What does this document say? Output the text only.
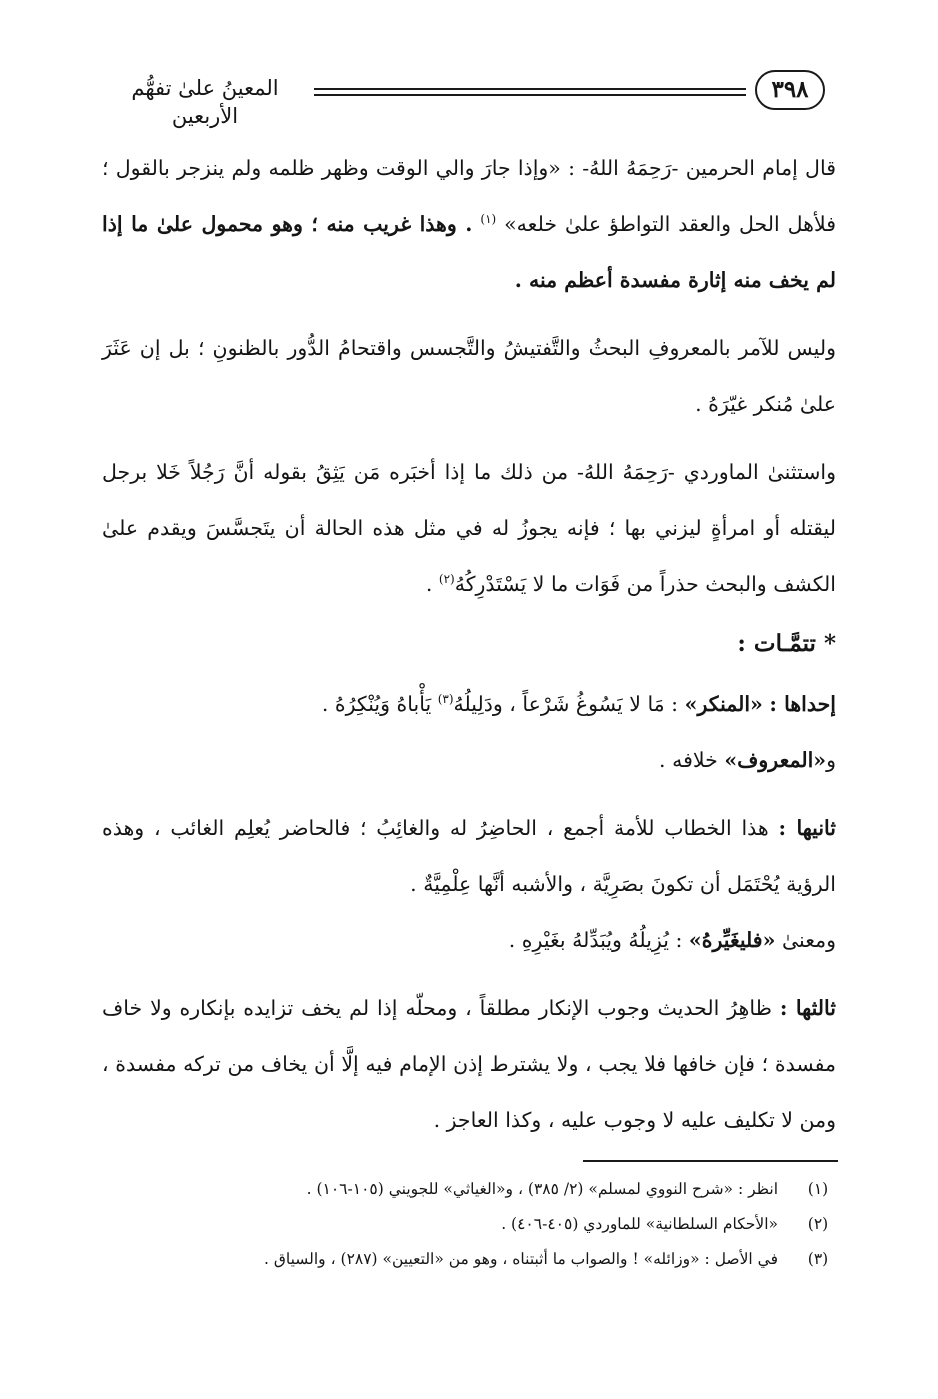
المعينُ علىٰ تفهُّم الأربعين
٣٩٨

قال إمام الحرمين -رَحِمَهُ اللهُ- : «وإذا جارَ والي الوقت وظهر ظلمه ولم ينزجر بالقول ؛ فلأهل الحل والعقد التواطؤ علىٰ خلعه» $^{(١)}$ . وهذا غريب منه ؛ وهو محمول علىٰ ما إذا لم يخف منه إثارة مفسدة أعظم منه .

وليس للآمر بالمعروفِ البحثُ والتَّفتيشُ والتَّجسس واقتحامُ الدُّور بالظنونِ ؛ بل إن عَثَرَ علىٰ مُنكر غيّرَهُ .

واستثنىٰ الماوردي -رَحِمَهُ اللهُ- من ذلك ما إذا أخبَره مَن يَثِقُ بقوله أنَّ رَجُلاً خَلا برجل ليقتله أو امرأةٍ ليزني بها ؛ فإنه يجوزُ له في مثل هذه الحالة أن يتَجسَّسَ ويقدم علىٰ الكشف والبحث حذراً من فَوَات ما لا يَسْتَدْرِكُهُ$^{(٢)}$ .

* تتمَّـات :

إحداها : «المنكر» : مَا لا يَسُوغُ شَرْعاً ، ودَلِيلُهُ$^{(٣)}$ يَأْباهُ وَيُنْكِرُهُ .

و«المعروف» خلافه .

ثانيها : هذا الخطاب للأمة أجمع ، الحاضِرُ له والغائِبُ ؛ فالحاضر يُعلِم الغائب ، وهذه الرؤية يُحْتَمَل أن تكونَ بصَرِيَّة ، والأشبه أنَّها عِلْمِيَّةٌ .

ومعنىٰ «فليغَيِّرهُ» : يُزِيلُهُ ويُبَدِّلهُ بغَيْرِهِ .

ثالثها : ظاهِرُ الحديث وجوب الإنكار مطلقاً ، ومحلّه إذا لم يخف تزايده بإنكاره ولا خاف مفسدة ؛ فإن خافها فلا يجب ، ولا يشترط إذن الإمام فيه إلَّا أن يخاف من تركه مفسدة ، ومن لا تكليف عليه لا وجوب عليه ، وكذا العاجز .

(١)
انظر : «شرح النووي لمسلم» (٢/ ٣٨٥) ، و«الغياثي» للجويني (١٠٥-١٠٦) .
(٢)
«الأحكام السلطانية» للماوردي (٤٠٥-٤٠٦) .
(٣)
في الأصل : «وزائله» ! والصواب ما أثبتناه ، وهو من «التعيين» (٢٨٧) ، والسياق .
